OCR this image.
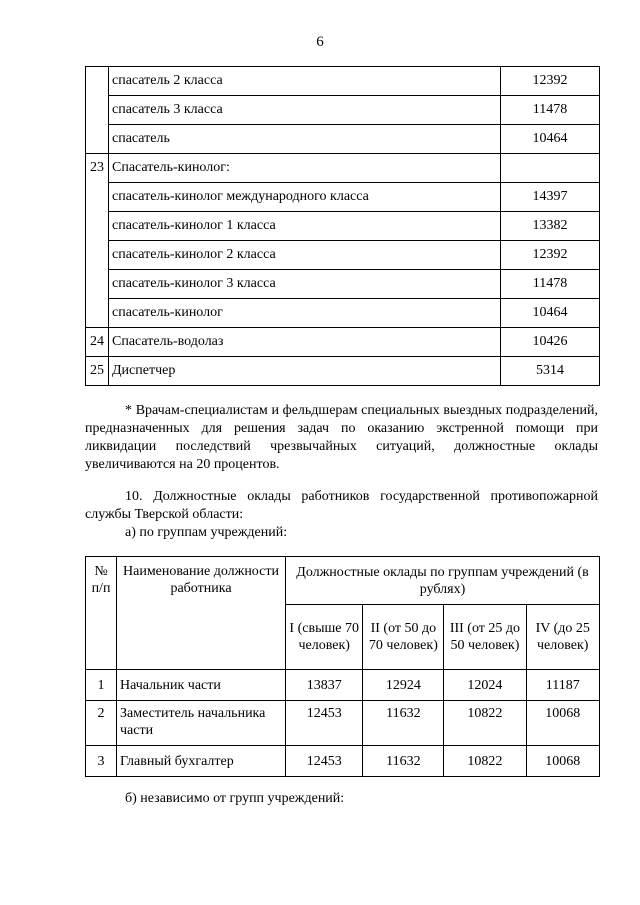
6
	спасатель 2 класса	12392
	спасатель 3 класса	11478
	спасатель	10464
23	Спасатель-кинолог:	
	спасатель-кинолог международного класса	14397
	спасатель-кинолог 1 класса	13382
	спасатель-кинолог 2 класса	12392
	спасатель-кинолог 3 класса	11478
	спасатель-кинолог	10464
24	Спасатель-водолаз	10426
25	Диспетчер	5314
* Врачам-специалистам и фельдшерам специальных выездных подразделений, предназначенных для решения задач по оказанию экстренной помощи при ликвидации последствий чрезвычайных ситуаций, должностные оклады увеличиваются на 20 процентов.
10. Должностные оклады работников государственной противопожарной службы Тверской области:
а) по группам учреждений:
№ п/п	Наименование должности работника	Должностные оклады по группам учреждений (в рублях)			
		I (свыше 70 человек)	II (от 50 до 70 человек)	III (от 25 до 50 человек)	IV (до 25 человек)
1	Начальник части	13837	12924	12024	11187
2	Заместитель начальника части	12453	11632	10822	10068
3	Главный бухгалтер	12453	11632	10822	10068
б) независимо от групп учреждений:
